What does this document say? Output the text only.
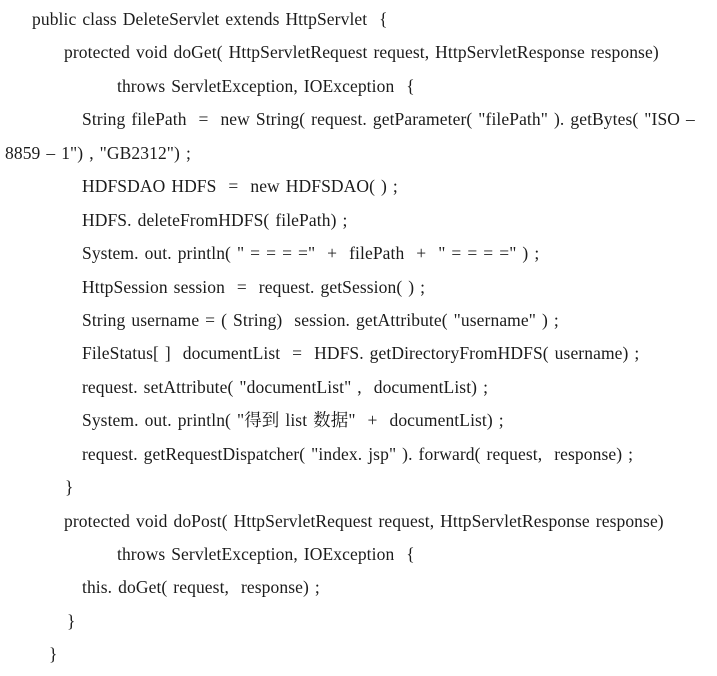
public class DeleteServlet extends HttpServlet  {
protected void doGet( HttpServletRequest request, HttpServletResponse response)
throws ServletException, IOException  {
String filePath  =  new String( request. getParameter( "filePath" ). getBytes( "ISO –
8859 – 1") , "GB2312") ;
HDFSDAO HDFS  =  new HDFSDAO( ) ;
HDFS. deleteFromHDFS( filePath) ;
System. out. println( " = = = ="  +  filePath  +  " = = = =" ) ;
HttpSession session  =  request. getSession( ) ;
String username = ( String)  session. getAttribute( "username" ) ;
FileStatus[ ]  documentList  =  HDFS. getDirectoryFromHDFS( username) ;
request. setAttribute( "documentList" ,  documentList) ;
System. out. println( "得到 list 数据"  +  documentList) ;
request. getRequestDispatcher( "index. jsp" ). forward( request,  response) ;
}
protected void doPost( HttpServletRequest request, HttpServletResponse response)
throws ServletException, IOException  {
this. doGet( request,  response) ;
}
}
